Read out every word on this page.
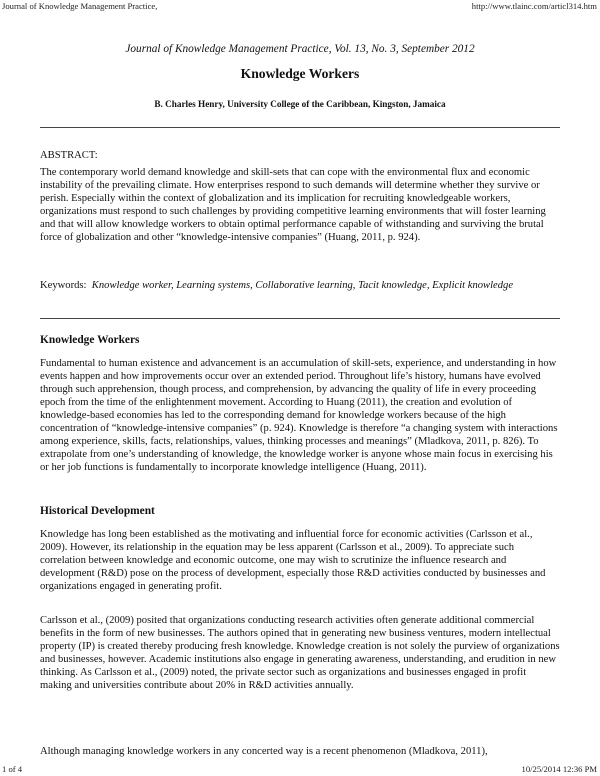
Journal of Knowledge Management Practice,	http://www.tlainc.com/articl314.htm
Journal of Knowledge Management Practice, Vol. 13, No. 3, September 2012
Knowledge Workers
B. Charles Henry, University College of the Caribbean, Kingston, Jamaica
ABSTRACT:
The contemporary world demand knowledge and skill-sets that can cope with the environmental flux and economic instability of the prevailing climate. How enterprises respond to such demands will determine whether they survive or perish. Especially within the context of globalization and its implication for recruiting knowledgeable workers, organizations must respond to such challenges by providing competitive learning environments that will foster learning and that will allow knowledge workers to obtain optimal performance capable of withstanding and surviving the brutal force of globalization and other “knowledge-intensive companies” (Huang, 2011, p. 924).
Keywords: Knowledge worker, Learning systems, Collaborative learning, Tacit knowledge, Explicit knowledge
Knowledge Workers
Fundamental to human existence and advancement is an accumulation of skill-sets, experience, and understanding in how events happen and how improvements occur over an extended period. Throughout life’s history, humans have evolved through such apprehension, though process, and comprehension, by advancing the quality of life in every proceeding epoch from the time of the enlightenment movement. According to Huang (2011), the creation and evolution of knowledge-based economies has led to the corresponding demand for knowledge workers because of the high concentration of “knowledge-intensive companies” (p. 924). Knowledge is therefore “a changing system with interactions among experience, skills, facts, relationships, values, thinking processes and meanings” (Mladkova, 2011, p. 826). To extrapolate from one’s understanding of knowledge, the knowledge worker is anyone whose main focus in exercising his or her job functions is fundamentally to incorporate knowledge intelligence (Huang, 2011).
Historical Development
Knowledge has long been established as the motivating and influential force for economic activities (Carlsson et al., 2009). However, its relationship in the equation may be less apparent (Carlsson et al., 2009). To appreciate such correlation between knowledge and economic outcome, one may wish to scrutinize the influence research and development (R&D) pose on the process of development, especially those R&D activities conducted by businesses and organizations engaged in generating profit.
Carlsson et al., (2009) posited that organizations conducting research activities often generate additional commercial benefits in the form of new businesses. The authors opined that in generating new business ventures, modern intellectual property (IP) is created thereby producing fresh knowledge. Knowledge creation is not solely the purview of organizations and businesses, however. Academic institutions also engage in generating awareness, understanding, and erudition in new thinking. As Carlsson et al., (2009) noted, the private sector such as organizations and businesses engaged in profit making and universities contribute about 20% in R&D activities annually.
Although managing knowledge workers in any concerted way is a recent phenomenon (Mladkova, 2011),
1 of 4	10/25/2014 12:36 PM
